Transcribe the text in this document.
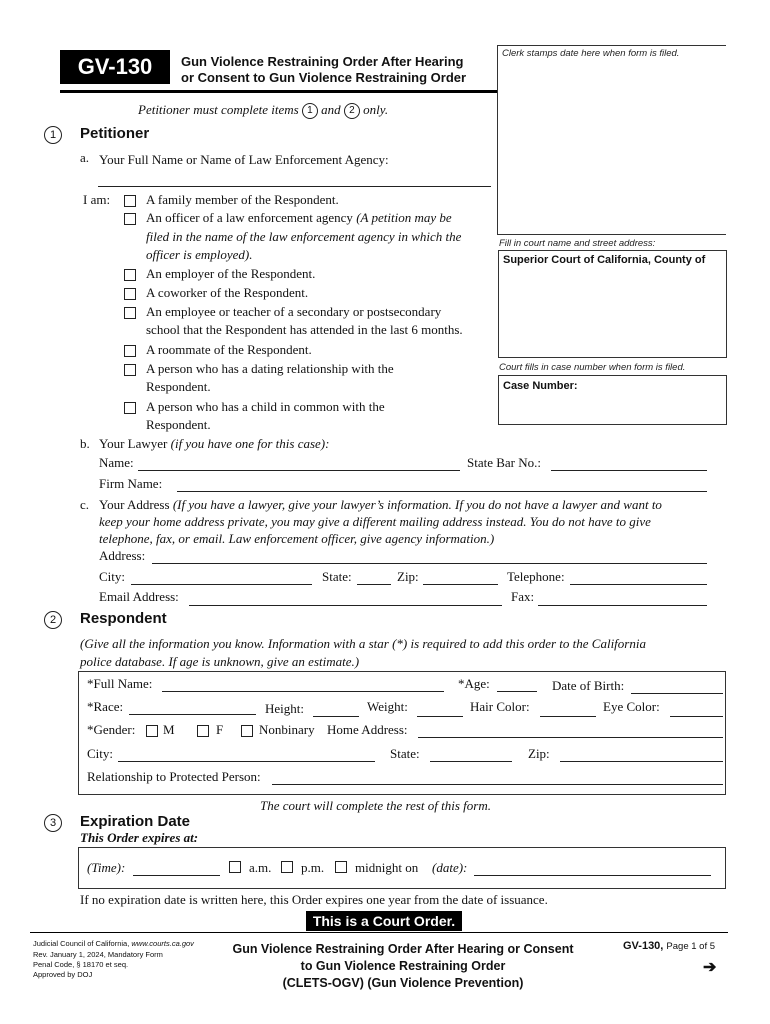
GV-130	Gun Violence Restraining Order After Hearing
or Consent to Gun Violence Restraining Order
Clerk stamps date here when form is filed.
Fill in court name and street address:
Superior Court of California, County of
Court fills in case number when form is filed.
Case Number:
Petitioner must complete items 1 and 2 only.
1	Petitioner
a. Your Full Name or Name of Law Enforcement Agency:
I am:	A family member of the Respondent.
An officer of a law enforcement agency (A petition may be
filed in the name of the law enforcement agency in which the
officer is employed).
An employer of the Respondent.
A coworker of the Respondent.
An employee or teacher of a secondary or postsecondary
school that the Respondent has attended in the last 6 months.
A roommate of the Respondent.
A person who has a dating relationship with the
Respondent.
A person who has a child in common with the
Respondent.
b. Your Lawyer (if you have one for this case):
Name:	State Bar No.:
Firm Name:
c. Your Address (If you have a lawyer, give your lawyer’s information. If you do not have a lawyer and want to
keep your home address private, you may give a different mailing address instead. You do not have to give
telephone, fax, or email. Law enforcement officer, give agency information.)
Address:
City:	State:	Zip:	Telephone:
Email Address:	Fax:
2	Respondent
(Give all the information you know. Information with a star (*) is required to add this order to the California
police database. If age is unknown, give an estimate.)
*Full Name:	*Age:	Date of Birth:
*Race:	Height:	Weight:	Hair Color:	Eye Color:
*Gender: M	F	Nonbinary Home Address:
City:	State:	Zip:
Relationship to Protected Person:
The court will complete the rest of this form.
3	Expiration Date
This Order expires at:
(Time):	a.m. p.m. midnight on (date):
If no expiration date is written here, this Order expires one year from the date of issuance.
This is a Court Order.
Judicial Council of California, www.courts.ca.gov
Rev. January 1, 2024, Mandatory Form
Penal Code, § 18170 et seq.
Approved by DOJ
Gun Violence Restraining Order After Hearing or Consent
to Gun Violence Restraining Order
(CLETS-OGV) (Gun Violence Prevention)
GV-130, Page 1 of 5
➔
